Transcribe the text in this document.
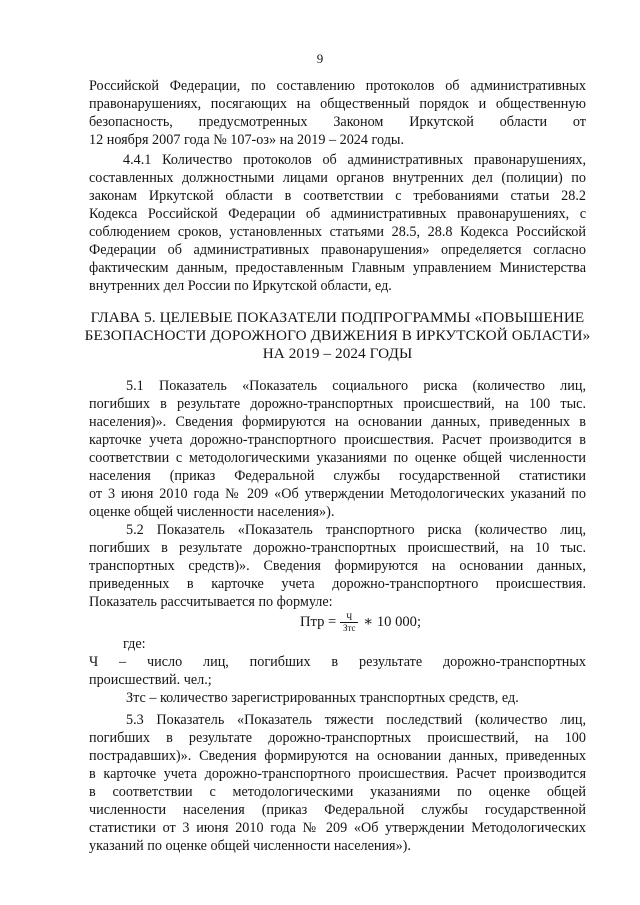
9
Российской Федерации, по составлению протоколов об административных
правонарушениях, посягающих на общественный порядок и общественную
безопасность, предусмотренных Законом Иркутской области от
12 ноября 2007 года № 107-оз» на 2019 – 2024 годы.
4.4.1 Количество протоколов об административных правонарушениях,
составленных должностными лицами органов внутренних дел (полиции) по
законам Иркутской области в соответствии с требованиями статьи 28.2
Кодекса Российской Федерации об административных правонарушениях, с
соблюдением сроков, установленных статьями 28.5, 28.8 Кодекса Российской
Федерации об административных правонарушения» определяется согласно
фактическим данным, предоставленным Главным управлением Министерства
внутренних дел России по Иркутской области, ед.
ГЛАВА 5. ЦЕЛЕВЫЕ ПОКАЗАТЕЛИ ПОДПРОГРАММЫ «ПОВЫШЕНИЕ
БЕЗОПАСНОСТИ ДОРОЖНОГО ДВИЖЕНИЯ В ИРКУТСКОЙ ОБЛАСТИ»
НА 2019 – 2024 ГОДЫ
5.1 Показатель «Показатель социального риска (количество лиц,
погибших в результате дорожно-транспортных происшествий, на 100 тыс.
населения)». Сведения формируются на основании данных, приведенных в
карточке учета дорожно-транспортного происшествия. Расчет производится в
соответствии с методологическими указаниями по оценке общей численности
населения (приказ Федеральной службы государственной статистики
от 3 июня 2010 года № 209 «Об утверждении Методологических указаний по
оценке общей численности населения»).
5.2 Показатель «Показатель транспортного риска (количество лиц,
погибших в результате дорожно-транспортных происшествий, на 10 тыс.
транспортных средств)». Сведения формируются на основании данных,
приведенных в карточке учета дорожно-транспортного происшествия.
Показатель рассчитывается по формуле:
Птр = $\frac{Ч}{\text{Зтс}}$ ∗ 10 000;
где:
Ч – число лиц, погибших в результате дорожно-транспортных
происшествий. чел.;
Зтс – количество зарегистрированных транспортных средств, ед.
5.3 Показатель «Показатель тяжести последствий (количество лиц,
погибших в результате дорожно-транспортных происшествий, на 100
пострадавших)». Сведения формируются на основании данных, приведенных
в карточке учета дорожно-транспортного происшествия. Расчет производится
в соответствии с методологическими указаниями по оценке общей
численности населения (приказ Федеральной службы государственной
статистики от 3 июня 2010 года № 209 «Об утверждении Методологических
указаний по оценке общей численности населения»).
